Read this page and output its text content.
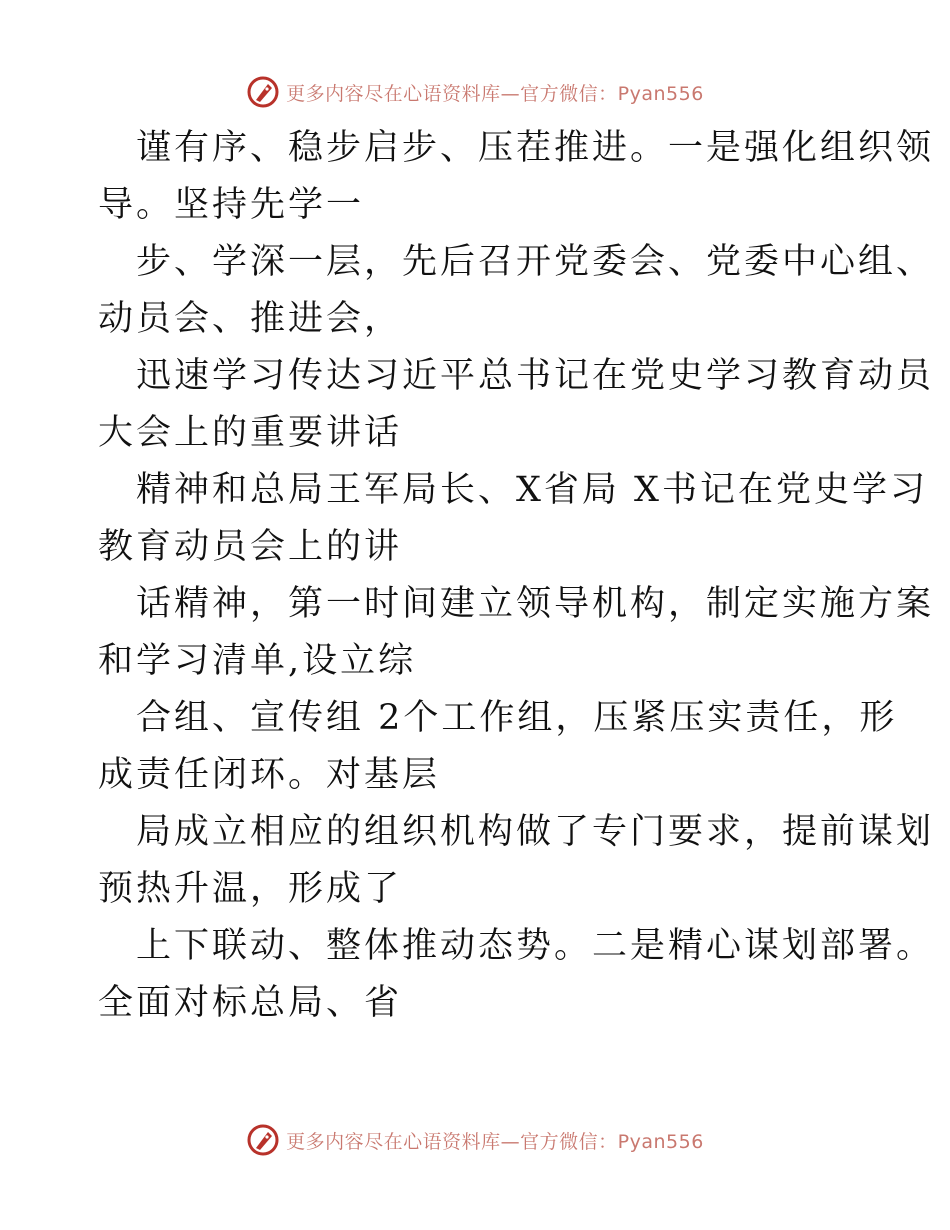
更多内容尽在心语资料库—官方微信：Pyan556
谨有序、稳步启步、压茬推进。一是强化组织领
导。坚持先学一
步、学深一层，先后召开党委会、党委中心组、
动员会、推进会，
迅速学习传达习近平总书记在党史学习教育动员
大会上的重要讲话
精神和总局王军局长、X省局 X书记在党史学习
教育动员会上的讲
话精神，第一时间建立领导机构，制定实施方案
和学习清单,设立综
合组、宣传组 2个工作组，压紧压实责任，形
成责任闭环。对基层
局成立相应的组织机构做了专门要求，提前谋划
预热升温，形成了
上下联动、整体推动态势。二是精心谋划部署。
全面对标总局、省
更多内容尽在心语资料库—官方微信：Pyan556
